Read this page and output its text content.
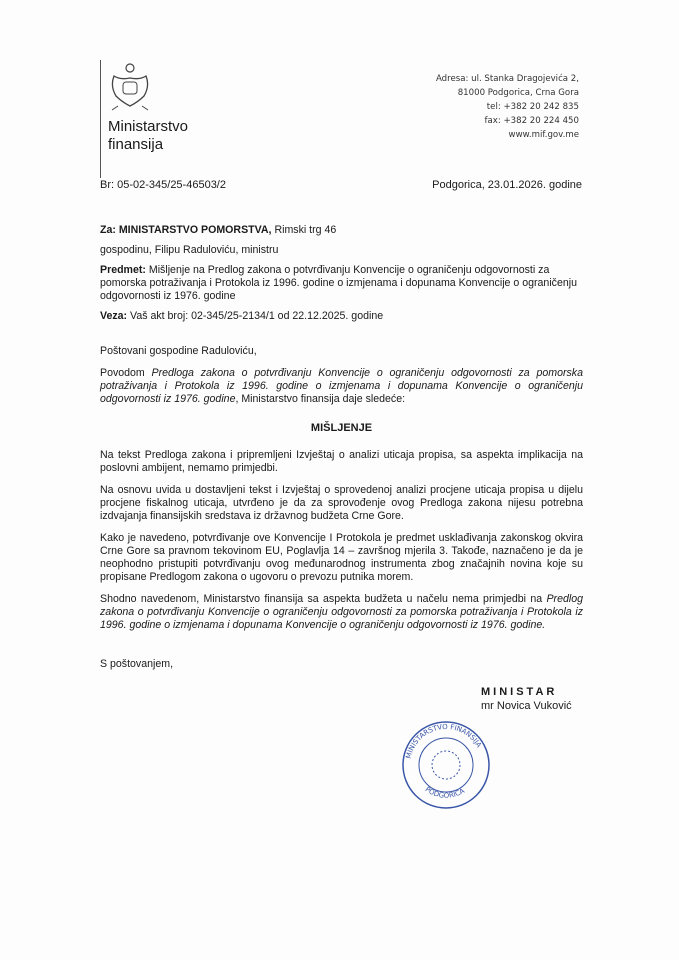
Ministarstvo
finansija
Adresa: ul. Stanka Dragojevića 2,
81000 Podgorica, Crna Gora
tel: +382 20 242 835
fax: +382 20 224 450
www.mif.gov.me
Br: 05-02-345/25-46503/2	Podgorica, 23.01.2026. godine

Za: MINISTARSTVO POMORSTVA, Rimski trg 46

gospodinu, Filipu Raduloviću, ministru

Predmet: Mišljenje na Predlog zakona o potvrđivanju Konvencije o ograničenju odgovornosti za pomorska potraživanja i Protokola iz 1996. godine o izmjenama i dopunama Konvencije o ograničenju odgovornosti iz 1976. godine

Veza: Vaš akt broj: 02-345/25-2134/1 od 22.12.2025. godine

Poštovani gospodine Raduloviću,

Povodom Predloga zakona o potvrđivanju Konvencije o ograničenju odgovornosti za pomorska potraživanja i Protokola iz 1996. godine o izmjenama i dopunama Konvencije o ograničenju odgovornosti iz 1976. godine, Ministarstvo finansija daje sledeće:

MIŠLJENJE

Na tekst Predloga zakona i pripremljeni Izvještaj o analizi uticaja propisa, sa aspekta implikacija na poslovni ambijent, nemamo primjedbi.

Na osnovu uvida u dostavljeni tekst i Izvještaj o sprovedenoj analizi procjene uticaja propisa u dijelu procjene fiskalnog uticaja, utvrđeno je da za sprovođenje ovog Predloga zakona nijesu potrebna izdvajanja finansijskih sredstava iz državnog budžeta Crne Gore.

Kako je navedeno, potvrđivanje ove Konvencije I Protokola je predmet usklađivanja zakonskog okvira Crne Gore sa pravnom tekovinom EU, Poglavlja 14 – završnog mjerila 3. Takođe, naznačeno je da je neophodno pristupiti potvrđivanju ovog međunarodnog instrumenta zbog značajnih novina koje su propisane Predlogom zakona o ugovoru o prevozu putnika morem.

Shodno navedenom, Ministarstvo finansija sa aspekta budžeta u načelu nema primjedbi na Predlog zakona o potvrđivanju Konvencije o ograničenju odgovornosti za pomorska potraživanja i Protokola iz 1996. godine o izmjenama i dopunama Konvencije o ograničenju odgovornosti iz 1976. godine.

S poštovanjem,
MINISTAR
mr Novica Vuković
MINISTARSTVO FINANSIJA
PODGORICA
